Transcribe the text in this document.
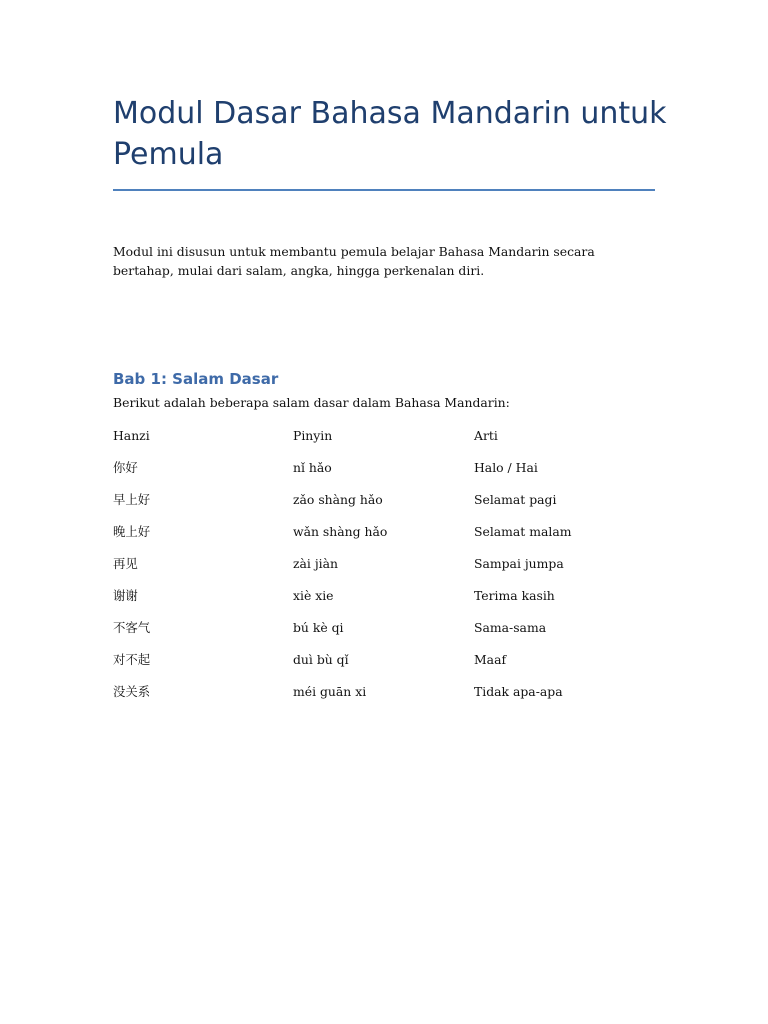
Modul Dasar Bahasa Mandarin untuk Pemula

Modul ini disusun untuk membantu pemula belajar Bahasa Mandarin secara bertahap, mulai dari salam, angka, hingga perkenalan diri.

Bab 1: Salam Dasar

Berikut adalah beberapa salam dasar dalam Bahasa Mandarin:

Hanzi	Pinyin	Arti
你好	nǐ hǎo	Halo / Hai
早上好	zǎo shàng hǎo	Selamat pagi
晚上好	wǎn shàng hǎo	Selamat malam
再见	zài jiàn	Sampai jumpa
谢谢	xiè xie	Terima kasih
不客气	bú kè qi	Sama-sama
对不起	duì bù qǐ	Maaf
没关系	méi guān xi	Tidak apa-apa
